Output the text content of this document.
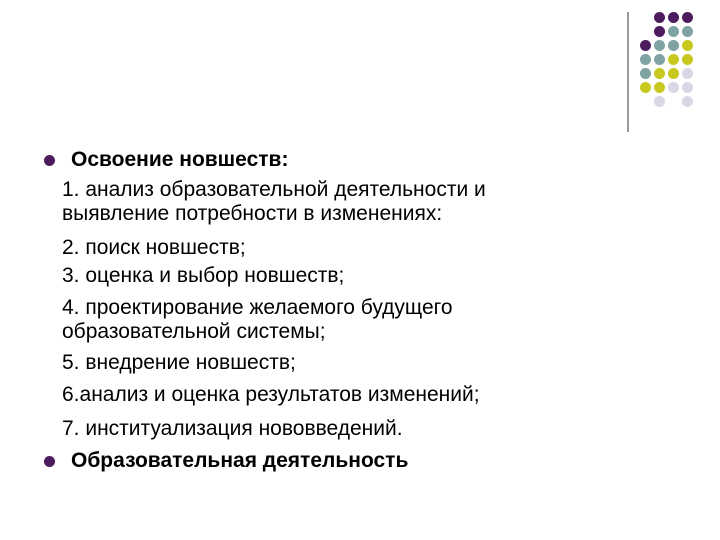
Освоение новшеств:
1. анализ образовательной деятельности и
выявление потребности в изменениях:
2. поиск новшеств;
3. оценка и выбор новшеств;
4. проектирование желаемого будущего
образовательной системы;
5. внедрение новшеств;
6.анализ и оценка результатов изменений;
7. институализация нововведений.
Образовательная деятельность
